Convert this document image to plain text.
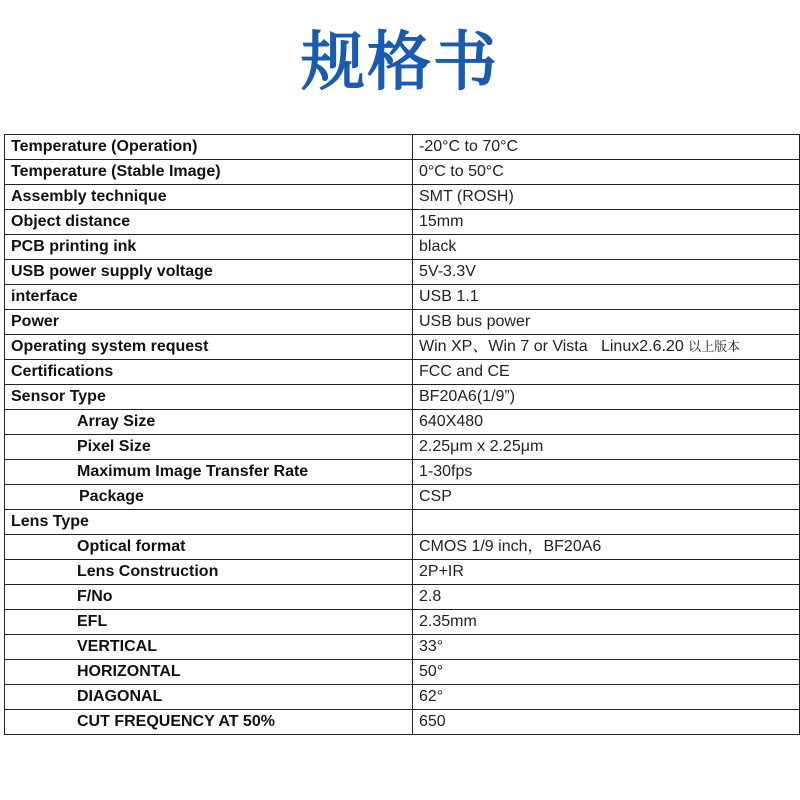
规格书
Temperature (Operation)	-20°C to 70°C
Temperature (Stable Image)	0°C to 50°C
Assembly technique	SMT (ROSH)
Object distance	15mm
PCB printing ink	black
USB power supply voltage	5V-3.3V
interface	USB 1.1
Power	USB bus power
Operating system request	Win XP、Win 7 or Vista   Linux2.6.20 以上版本
Certifications	FCC and CE
Sensor Type	BF20A6(1/9”)
Array Size	640X480
Pixel Size	2.25μm x 2.25μm
Maximum Image Transfer Rate	1-30fps
Package	CSP
Lens Type	
Optical format	CMOS 1/9 inch，BF20A6
Lens Construction	2P+IR
F/No	2.8
EFL	2.35mm
VERTICAL	33°
HORIZONTAL	50°
DIAGONAL	62°
CUT FREQUENCY AT 50%	650
